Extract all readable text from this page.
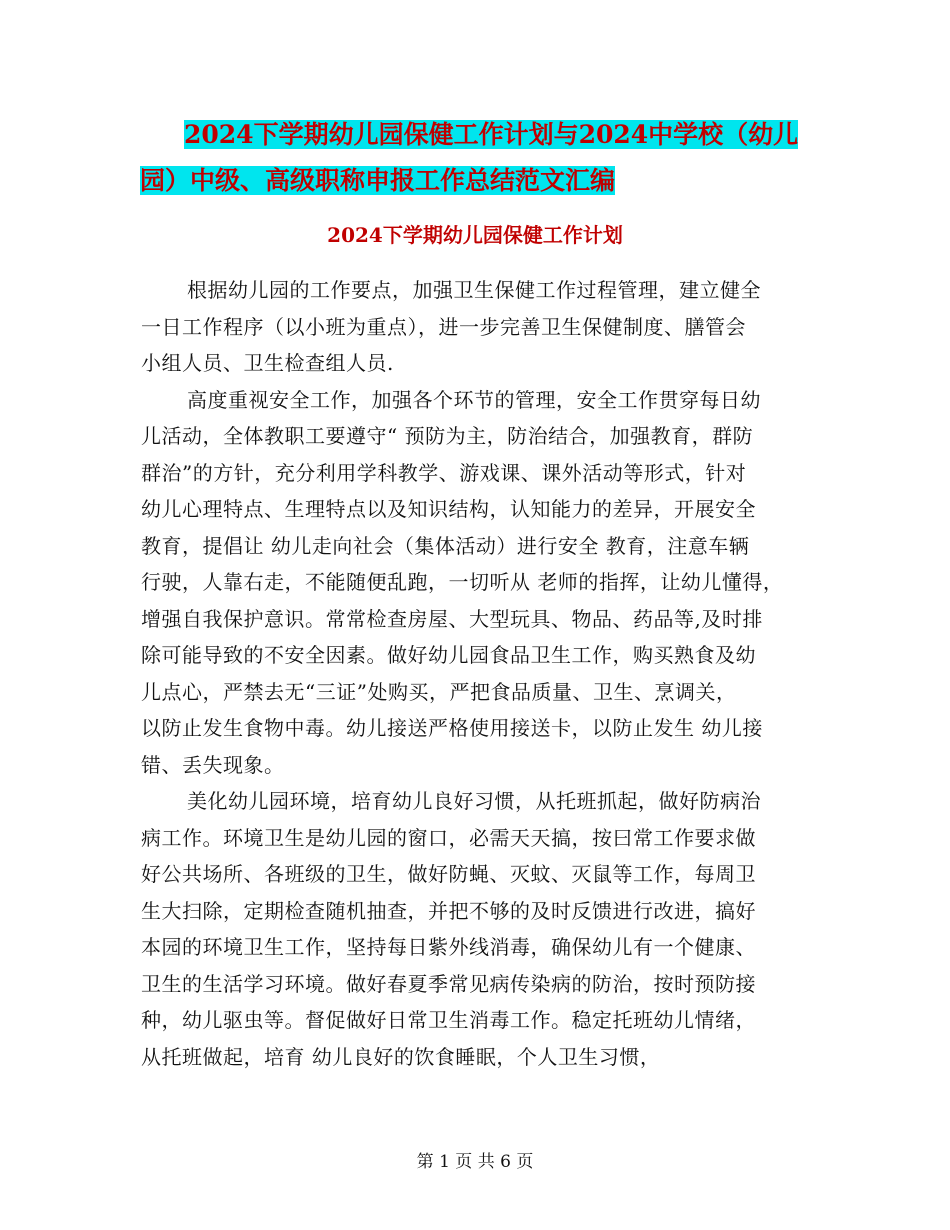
2024下学期幼儿园保健工作计划与2024中学校（幼儿
园）中级、高级职称申报工作总结范文汇编
2024下学期幼儿园保健工作计划

根据幼儿园的工作要点，加强卫生保健工作过程管理，建立健全
一日工作程序（以小班为重点），进一步完善卫生保健制度、膳管会
小组人员、卫生检查组人员.

高度重视安全工作，加强各个环节的管理，安全工作贯穿每日幼
儿活动，全体教职工要遵守“ 预防为主，防治结合，加强教育，群防
群治”的方针，充分利用学科教学、游戏课、课外活动等形式，针对
幼儿心理特点、生理特点以及知识结构，认知能力的差异，开展安全
教育，提倡让 幼儿走向社会（集体活动）进行安全 教育，注意车辆
行驶，人靠右走，不能随便乱跑，一切听从 老师的指挥，让幼儿懂得，
增强自我保护意识。常常检查房屋、大型玩具、物品、药品等,及时排
除可能导致的不安全因素。做好幼儿园食品卫生工作，购买熟食及幼
儿点心，严禁去无“三证”处购买，严把食品质量、卫生、烹调关，
以防止发生食物中毒。幼儿接送严格使用接送卡，以防止发生 幼儿接
错、丢失现象。

美化幼儿园环境，培育幼儿良好习惯，从托班抓起，做好防病治
病工作。环境卫生是幼儿园的窗口，必需天天搞，按曰常工作要求做
好公共场所、各班级的卫生，做好防蝇、灭蚊、灭鼠等工作，每周卫
生大扫除，定期检查随机抽查，并把不够的及时反馈进行改进，搞好
本园的环境卫生工作，坚持每日紫外线消毒，确保幼儿有一个健康、
卫生的生活学习环境。做好春夏季常见病传染病的防治，按时预防接
种，幼儿驱虫等。督促做好日常卫生消毒工作。稳定托班幼儿情绪，
从托班做起，培育 幼儿良好的饮食睡眠，个人卫生习惯，

第 1 页 共 6 页
